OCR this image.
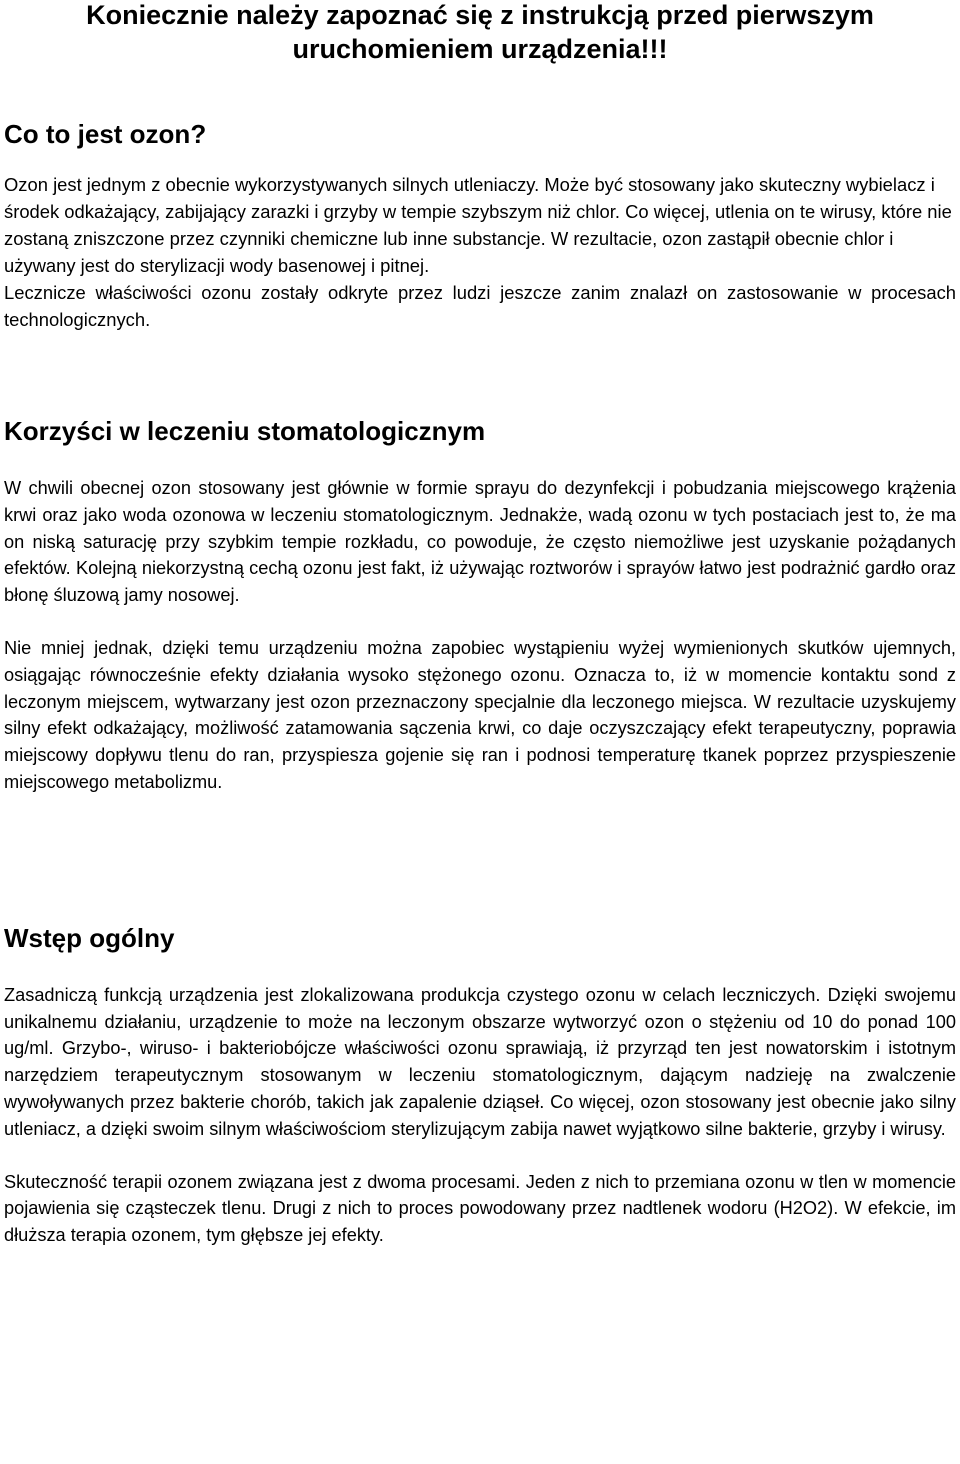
Koniecznie należy zapoznać się z instrukcją przed pierwszym uruchomieniem urządzenia!!!

Co to jest ozon?

Ozon jest jednym z obecnie wykorzystywanych silnych utleniaczy. Może być stosowany jako skuteczny wybielacz i środek odkażający, zabijający zarazki i grzyby w tempie szybszym niż chlor. Co więcej, utlenia on te wirusy, które nie zostaną zniszczone przez czynniki chemiczne lub inne substancje. W rezultacie, ozon zastąpił obecnie chlor i używany jest do sterylizacji wody basenowej i pitnej.

Lecznicze właściwości ozonu zostały odkryte przez ludzi jeszcze zanim znalazł on zastosowanie w procesach technologicznych.

Korzyści w leczeniu stomatologicznym

W chwili obecnej ozon stosowany jest głównie w formie sprayu do dezynfekcji i pobudzania miejscowego krążenia krwi oraz jako woda ozonowa w leczeniu stomatologicznym. Jednakże, wadą ozonu w tych postaciach jest to, że ma on niską saturację przy szybkim tempie rozkładu, co powoduje, że często niemożliwe jest uzyskanie pożądanych efektów. Kolejną niekorzystną cechą ozonu jest fakt, iż używając roztworów i sprayów łatwo jest podrażnić gardło oraz błonę śluzową jamy nosowej.

Nie mniej jednak, dzięki temu urządzeniu można zapobiec wystąpieniu wyżej wymienionych skutków ujemnych, osiągając równocześnie efekty działania wysoko stężonego ozonu. Oznacza to, iż w momencie kontaktu sond z leczonym miejscem, wytwarzany jest ozon przeznaczony specjalnie dla leczonego miejsca. W rezultacie uzyskujemy silny efekt odkażający, możliwość zatamowania sączenia krwi, co daje oczyszczający efekt terapeutyczny, poprawia miejscowy dopływu tlenu do ran, przyspiesza gojenie się ran i podnosi temperaturę tkanek poprzez przyspieszenie miejscowego metabolizmu.

Wstęp ogólny

Zasadniczą funkcją urządzenia jest zlokalizowana produkcja czystego ozonu w celach leczniczych. Dzięki swojemu unikalnemu działaniu, urządzenie to może na leczonym obszarze wytworzyć ozon o stężeniu od 10 do ponad 100 ug/ml. Grzybo-, wiruso- i bakteriobójcze właściwości ozonu sprawiają, iż przyrząd ten jest nowatorskim i istotnym narzędziem terapeutycznym stosowanym w leczeniu stomatologicznym, dającym nadzieję na zwalczenie wywoływanych przez bakterie chorób, takich jak zapalenie dziąseł. Co więcej, ozon stosowany jest obecnie jako silny utleniacz, a dzięki swoim silnym właściwościom sterylizującym zabija nawet wyjątkowo silne bakterie, grzyby i wirusy.

Skuteczność terapii ozonem związana jest z dwoma procesami. Jeden z nich to przemiana ozonu w tlen w momencie pojawienia się cząsteczek tlenu. Drugi z nich to proces powodowany przez nadtlenek wodoru (H2O2). W efekcie, im dłuższa terapia ozonem, tym głębsze jej efekty.
